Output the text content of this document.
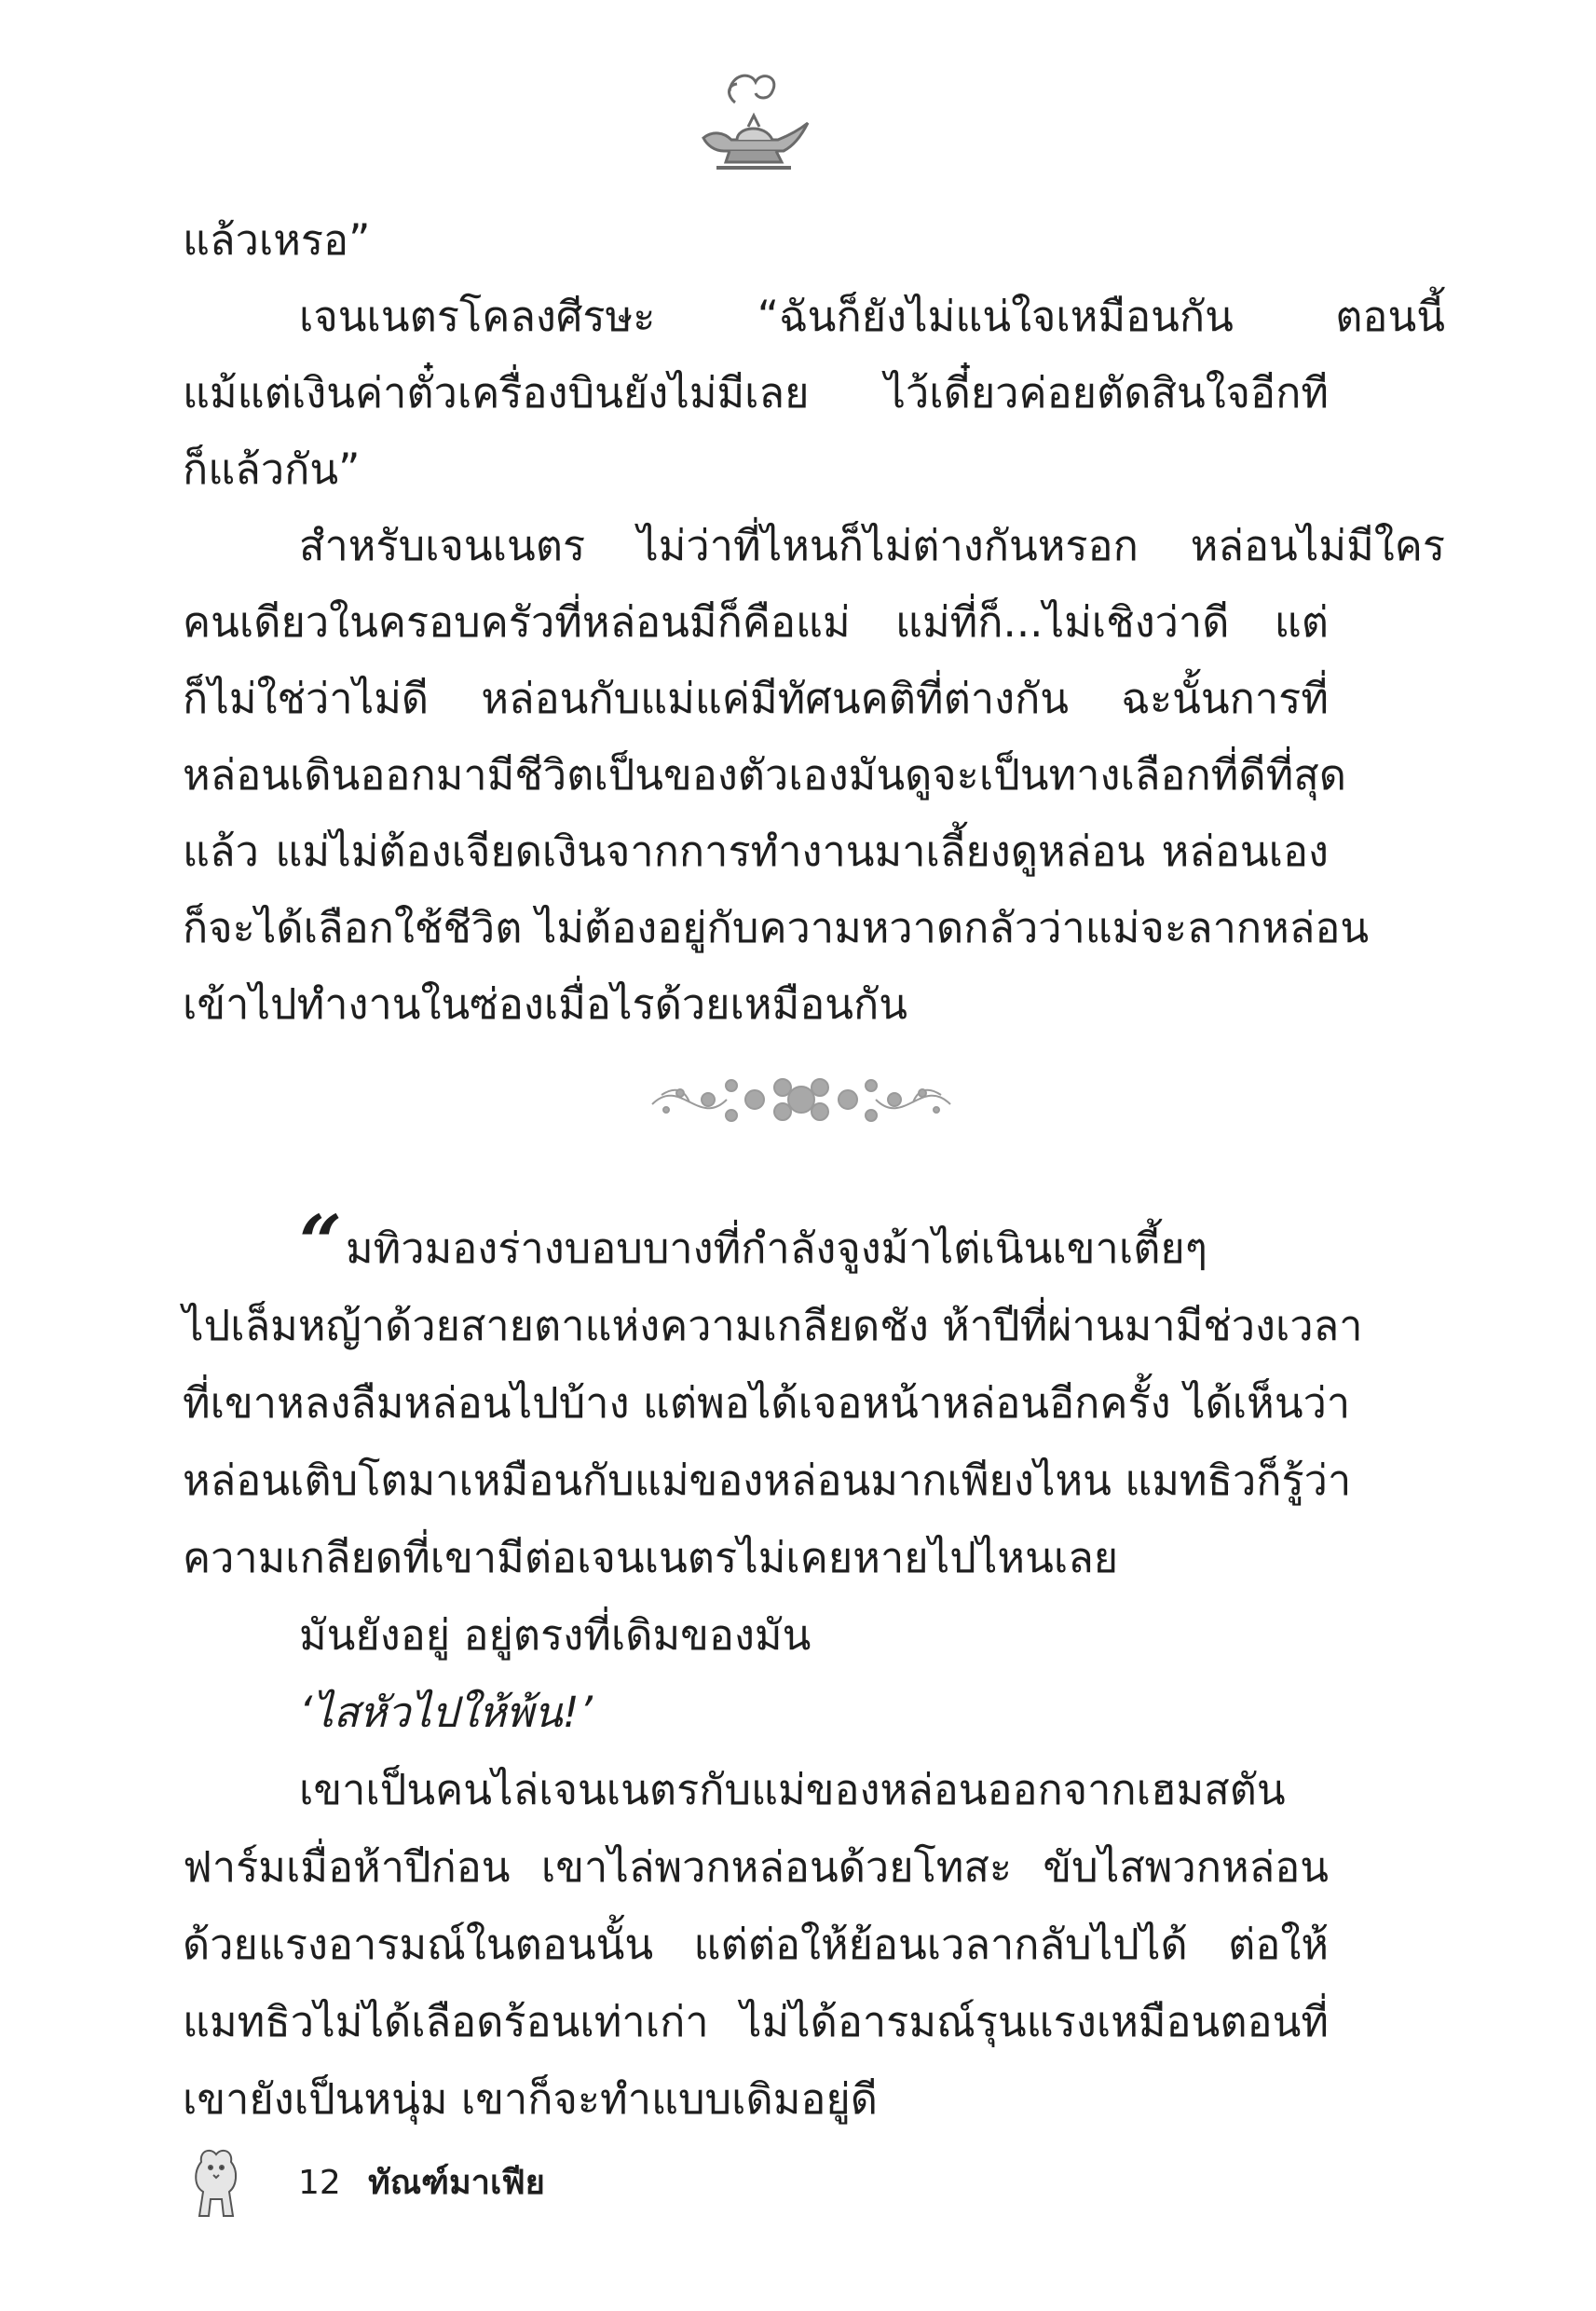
แล้วเหรอ”

เจนเนตรโคลงศีรษะ “ฉันก็ยังไม่แน่ใจเหมือนกัน ตอนนี้

แม้แต่เงินค่าตั๋วเครื่องบินยังไม่มีเลย ไว้เดี๋ยวค่อยตัดสินใจอีกที

ก็แล้วกัน”

สำหรับเจนเนตร ไม่ว่าที่ไหนก็ไม่ต่างกันหรอก หล่อนไม่มีใคร

คนเดียวในครอบครัวที่หล่อนมีก็คือแม่ แม่ที่ก็...ไม่เชิงว่าดี แต่

ก็ไม่ใช่ว่าไม่ดี หล่อนกับแม่แค่มีทัศนคติที่ต่างกัน ฉะนั้นการที่

หล่อนเดินออกมามีชีวิตเป็นของตัวเองมันดูจะเป็นทางเลือกที่ดีที่สุด

แล้ว แม่ไม่ต้องเจียดเงินจากการทำงานมาเลี้ยงดูหล่อน หล่อนเอง

ก็จะได้เลือกใช้ชีวิต ไม่ต้องอยู่กับความหวาดกลัวว่าแม่จะลากหล่อน

เข้าไปทำงานในซ่องเมื่อไรด้วยเหมือนกัน

“มทิวมองร่างบอบบางที่กำลังจูงม้าไต่เนินเขาเตี้ยๆ

ไปเล็มหญ้าด้วยสายตาแห่งความเกลียดชัง ห้าปีที่ผ่านมามีช่วงเวลา

ที่เขาหลงลืมหล่อนไปบ้าง แต่พอได้เจอหน้าหล่อนอีกครั้ง ได้เห็นว่า

หล่อนเติบโตมาเหมือนกับแม่ของหล่อนมากเพียงไหน แมทธิวก็รู้ว่า

ความเกลียดที่เขามีต่อเจนเนตรไม่เคยหายไปไหนเลย

มันยังอยู่ อยู่ตรงที่เดิมของมัน

‘ไสหัวไปให้พ้น!’

เขาเป็นคนไล่เจนเนตรกับแม่ของหล่อนออกจากเฮมสตัน

ฟาร์มเมื่อห้าปีก่อน เขาไล่พวกหล่อนด้วยโทสะ ขับไสพวกหล่อน

ด้วยแรงอารมณ์ในตอนนั้น แต่ต่อให้ย้อนเวลากลับไปได้ ต่อให้

แมทธิวไม่ได้เลือดร้อนเท่าเก่า ไม่ได้อารมณ์รุนแรงเหมือนตอนที่

เขายังเป็นหนุ่ม เขาก็จะทำแบบเดิมอยู่ดี

12 ทัณฑ์มาเฟีย
